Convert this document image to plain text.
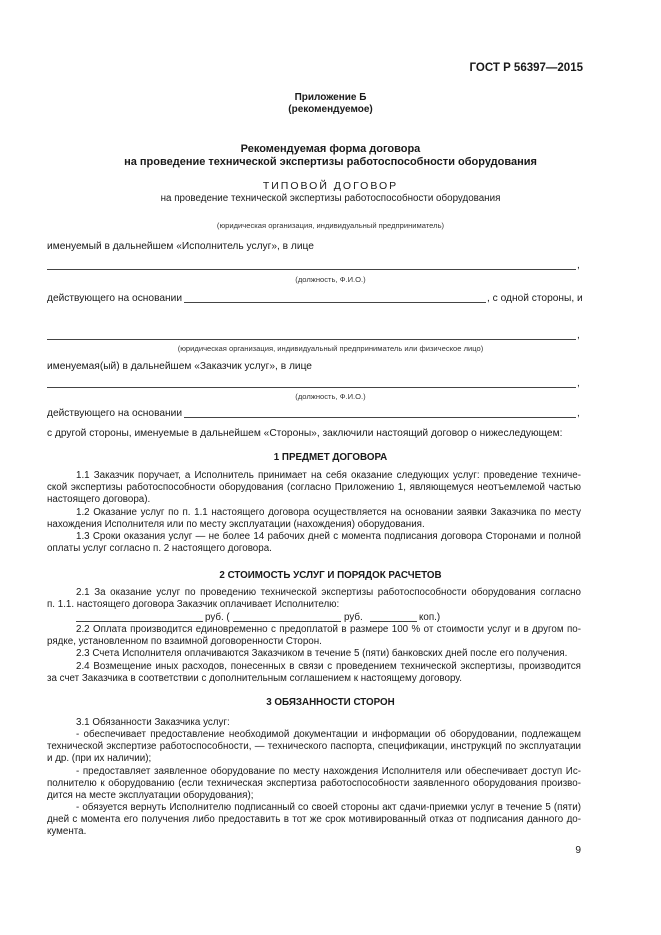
ГОСТ Р 56397—2015
Приложение Б
(рекомендуемое)
Рекомендуемая форма договора
на проведение технической экспертизы работоспособности оборудования
ТИПОВОЙ ДОГОВОР
на проведение технической экспертизы работоспособности оборудования
(юридическая организация, индивидуальный предприниматель)
именуемый в дальнейшем «Исполнитель услуг», в лице
,
(должность, Ф.И.О.)
действующего на основании	, с одной стороны, и
,
(юридическая организация, индивидуальный предприниматель или физическое лицо)
именуемая(ый) в дальнейшем «Заказчик услуг», в лице
,
(должность, Ф.И.О.)
действующего на основании	,
с другой стороны, именуемые в дальнейшем «Стороны», заключили настоящий договор о нижеследующем:
1 ПРЕДМЕТ ДОГОВОРА
1.1 Заказчик поручает, а Исполнитель принимает на себя оказание следующих услуг: проведение техниче-
ской экспертизы работоспособности оборудования (согласно Приложению 1, являющемуся неотъемлемой частью
настоящего договора).
1.2 Оказание услуг по п. 1.1 настоящего договора осуществляется на основании заявки Заказчика по месту
нахождения Исполнителя или по месту эксплуатации (нахождения) оборудования.
1.3 Сроки оказания услуг — не более 14 рабочих дней с момента подписания договора Сторонами и полной
оплаты услуг согласно п. 2 настоящего договора.
2 СТОИМОСТЬ УСЛУГ И ПОРЯДОК РАСЧЕТОВ
2.1 За оказание услуг по проведению технической экспертизы работоспособности оборудования согласно
п. 1.1. настоящего договора Заказчик оплачивает Исполнителю:
руб. (	руб.	коп.)
2.2 Оплата производится единовременно с предоплатой в размере 100 % от стоимости услуг и в другом по-
рядке, установленном по взаимной договоренности Сторон.
2.3 Счета Исполнителя оплачиваются Заказчиком в течение 5 (пяти) банковских дней после его получения.
2.4 Возмещение иных расходов, понесенных в связи с проведением технической экспертизы, производится
за счет Заказчика в соответствии с дополнительным соглашением к настоящему договору.
3 ОБЯЗАННОСТИ СТОРОН
3.1 Обязанности Заказчика услуг:
- обеспечивает предоставление необходимой документации и информации об оборудовании, подлежащем
технической экспертизе работоспособности, — технического паспорта, спецификации, инструкций по эксплуатации
и др. (при их наличии);
- предоставляет заявленное оборудование по месту нахождения Исполнителя или обеспечивает доступ Ис-
полнителю к оборудованию (если техническая экспертиза работоспособности заявленного оборудования произво-
дится на месте эксплуатации оборудования);
- обязуется вернуть Исполнителю подписанный со своей стороны акт сдачи-приемки услуг в течение 5 (пяти)
дней с момента его получения либо предоставить в тот же срок мотивированный отказ от подписания данного до-
кумента.
9
